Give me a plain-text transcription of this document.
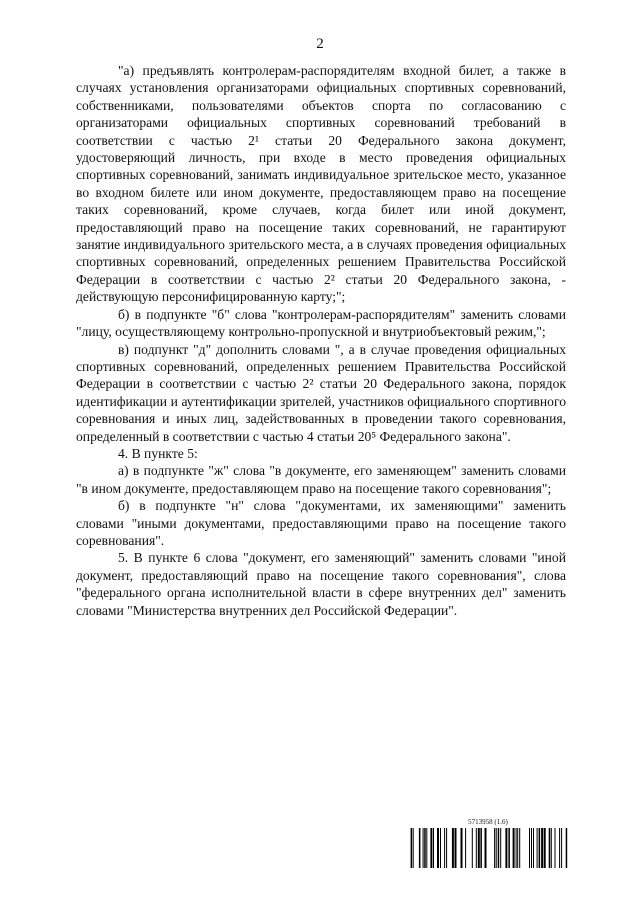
2

"а) предъявлять контролерам-распорядителям входной билет, а также в случаях установления организаторами официальных спортивных соревнований, собственниками, пользователями объектов спорта по согласованию с организаторами официальных спортивных соревнований требований в соответствии с частью 2¹ статьи 20 Федерального закона документ, удостоверяющий личность, при входе в место проведения официальных спортивных соревнований, занимать индивидуальное зрительское место, указанное во входном билете или ином документе, предоставляющем право на посещение таких соревнований, кроме случаев, когда билет или иной документ, предоставляющий право на посещение таких соревнований, не гарантируют занятие индивидуального зрительского места, а в случаях проведения официальных спортивных соревнований, определенных решением Правительства Российской Федерации в соответствии с частью 2² статьи 20 Федерального закона, - действующую персонифицированную карту;";

б) в подпункте "б" слова "контролерам-распорядителям" заменить словами "лицу, осуществляющему контрольно-пропускной и внутриобъектовый режим,";

в) подпункт "д" дополнить словами ", а в случае проведения официальных спортивных соревнований, определенных решением Правительства Российской Федерации в соответствии с частью 2² статьи 20 Федерального закона, порядок идентификации и аутентификации зрителей, участников официального спортивного соревнования и иных лиц, задействованных в проведении такого соревнования, определенный в соответствии с частью 4 статьи 20⁵ Федерального закона".

4. В пункте 5:

а) в подпункте "ж" слова "в документе, его заменяющем" заменить словами "в ином документе, предоставляющем право на посещение такого соревнования";

б) в подпункте "н" слова "документами, их заменяющими" заменить словами "иными документами, предоставляющими право на посещение такого соревнования".

5. В пункте 6 слова "документ, его заменяющий" заменить словами "иной документ, предоставляющий право на посещение такого соревнования", слова "федерального органа исполнительной власти в сфере внутренних дел" заменить словами "Министерства внутренних дел Российской Федерации".

5713958 (1.6)
